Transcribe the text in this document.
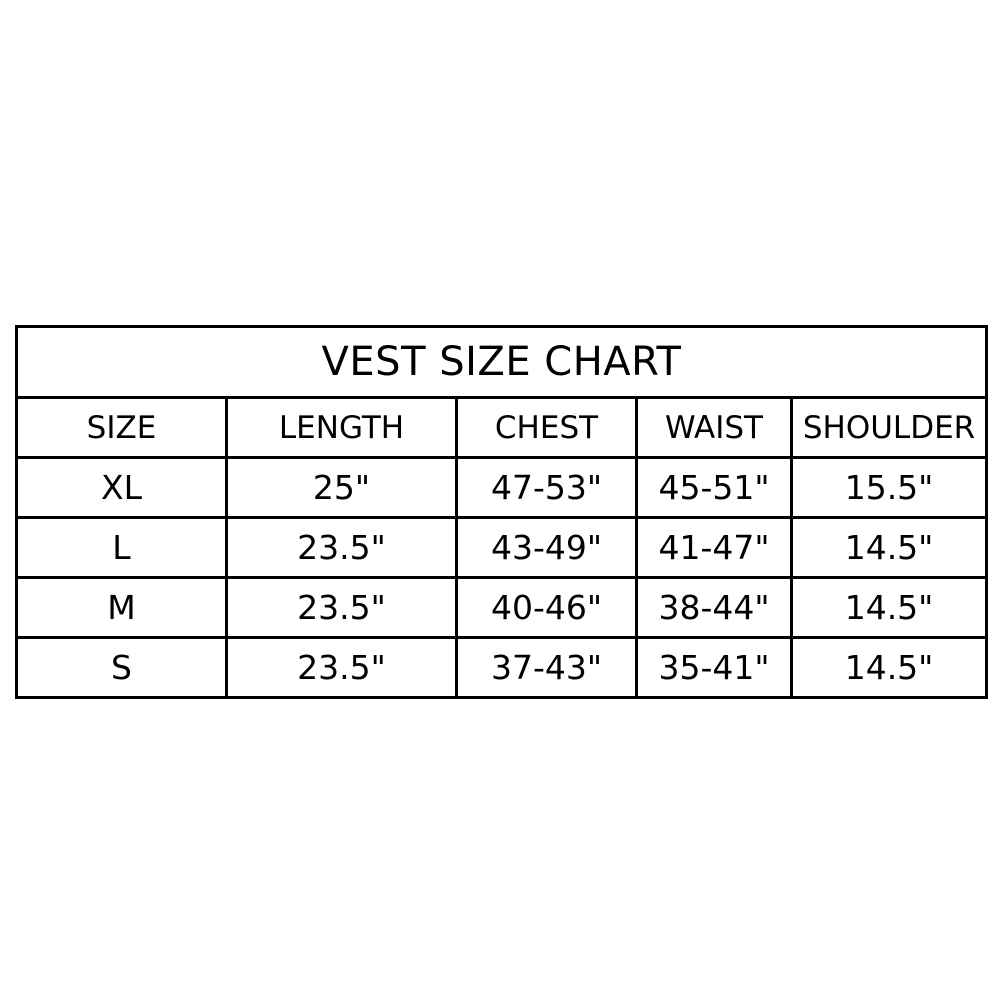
VEST SIZE CHART				
SIZE	LENGTH	CHEST	WAIST	SHOULDER
XL	25"	47-53"	45-51"	15.5"
L	23.5"	43-49"	41-47"	14.5"
M	23.5"	40-46"	38-44"	14.5"
S	23.5"	37-43"	35-41"	14.5"
